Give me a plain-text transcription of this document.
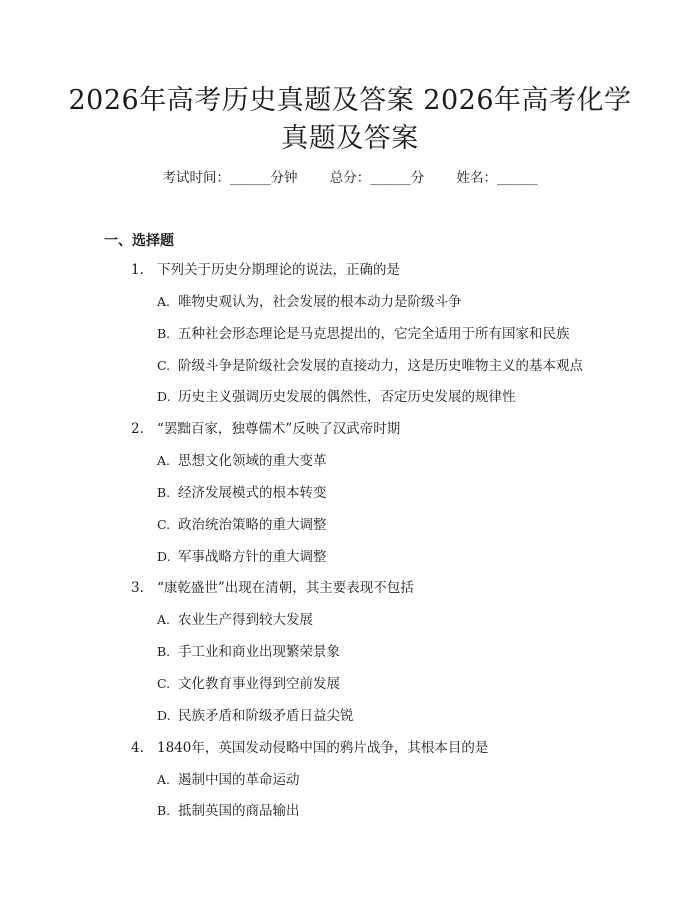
2026年高考历史真题及答案 2026年高考化学真题及答案
考试时间：______分钟 总分：______分 姓名：______
一、选择题
1. 下列关于历史分期理论的说法，正确的是
A. 唯物史观认为，社会发展的根本动力是阶级斗争
B. 五种社会形态理论是马克思提出的，它完全适用于所有国家和民族
C. 阶级斗争是阶级社会发展的直接动力，这是历史唯物主义的基本观点
D. 历史主义强调历史发展的偶然性，否定历史发展的规律性
2. “罢黜百家，独尊儒术”反映了汉武帝时期
A. 思想文化领域的重大变革
B. 经济发展模式的根本转变
C. 政治统治策略的重大调整
D. 军事战略方针的重大调整
3. “康乾盛世”出现在清朝，其主要表现不包括
A. 农业生产得到较大发展
B. 手工业和商业出现繁荣景象
C. 文化教育事业得到空前发展
D. 民族矛盾和阶级矛盾日益尖锐
4. 1840年，英国发动侵略中国的鸦片战争，其根本目的是
A. 遏制中国的革命运动
B. 抵制英国的商品输出
